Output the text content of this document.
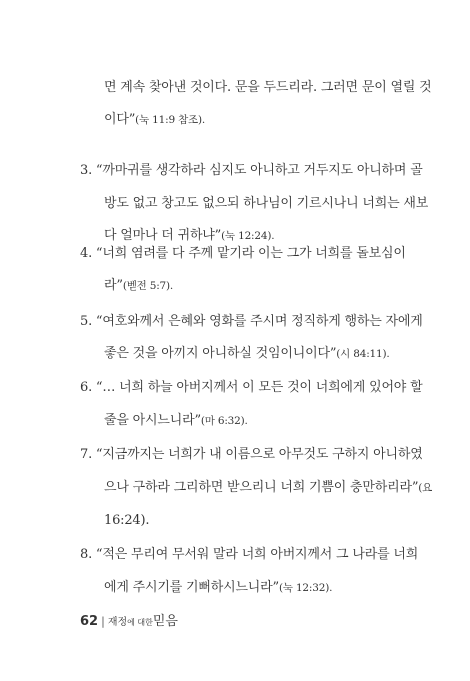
면 계속 찾아낸 것이다. 문을 두드리라. 그러면 문이 열릴 것
이다”(눅 11:9 참조).
3. “까마귀를 생각하라 심지도 아니하고 거두지도 아니하며 골
방도 없고 창고도 없으되 하나님이 기르시나니 너희는 새보
다 얼마나 더 귀하냐”(눅 12:24).
4. “너희 염려를 다 주께 맡기라 이는 그가 너희를 돌보심이
라”(벧전 5:7).
5. “여호와께서 은혜와 영화를 주시며 정직하게 행하는 자에게
좋은 것을 아끼지 아니하실 것임이니이다”(시 84:11).
6. “… 너희 하늘 아버지께서 이 모든 것이 너희에게 있어야 할
줄을 아시느니라”(마 6:32).
7. “지금까지는 너희가 내 이름으로 아무것도 구하지 아니하였
으나 구하라 그리하면 받으리니 너희 기쁨이 충만하리라”(요
16:24).
8. “적은 무리여 무서워 말라 너희 아버지께서 그 나라를 너희
에게 주시기를 기뻐하시느니라”(눅 12:32).
62 | 재정에 대한믿음
